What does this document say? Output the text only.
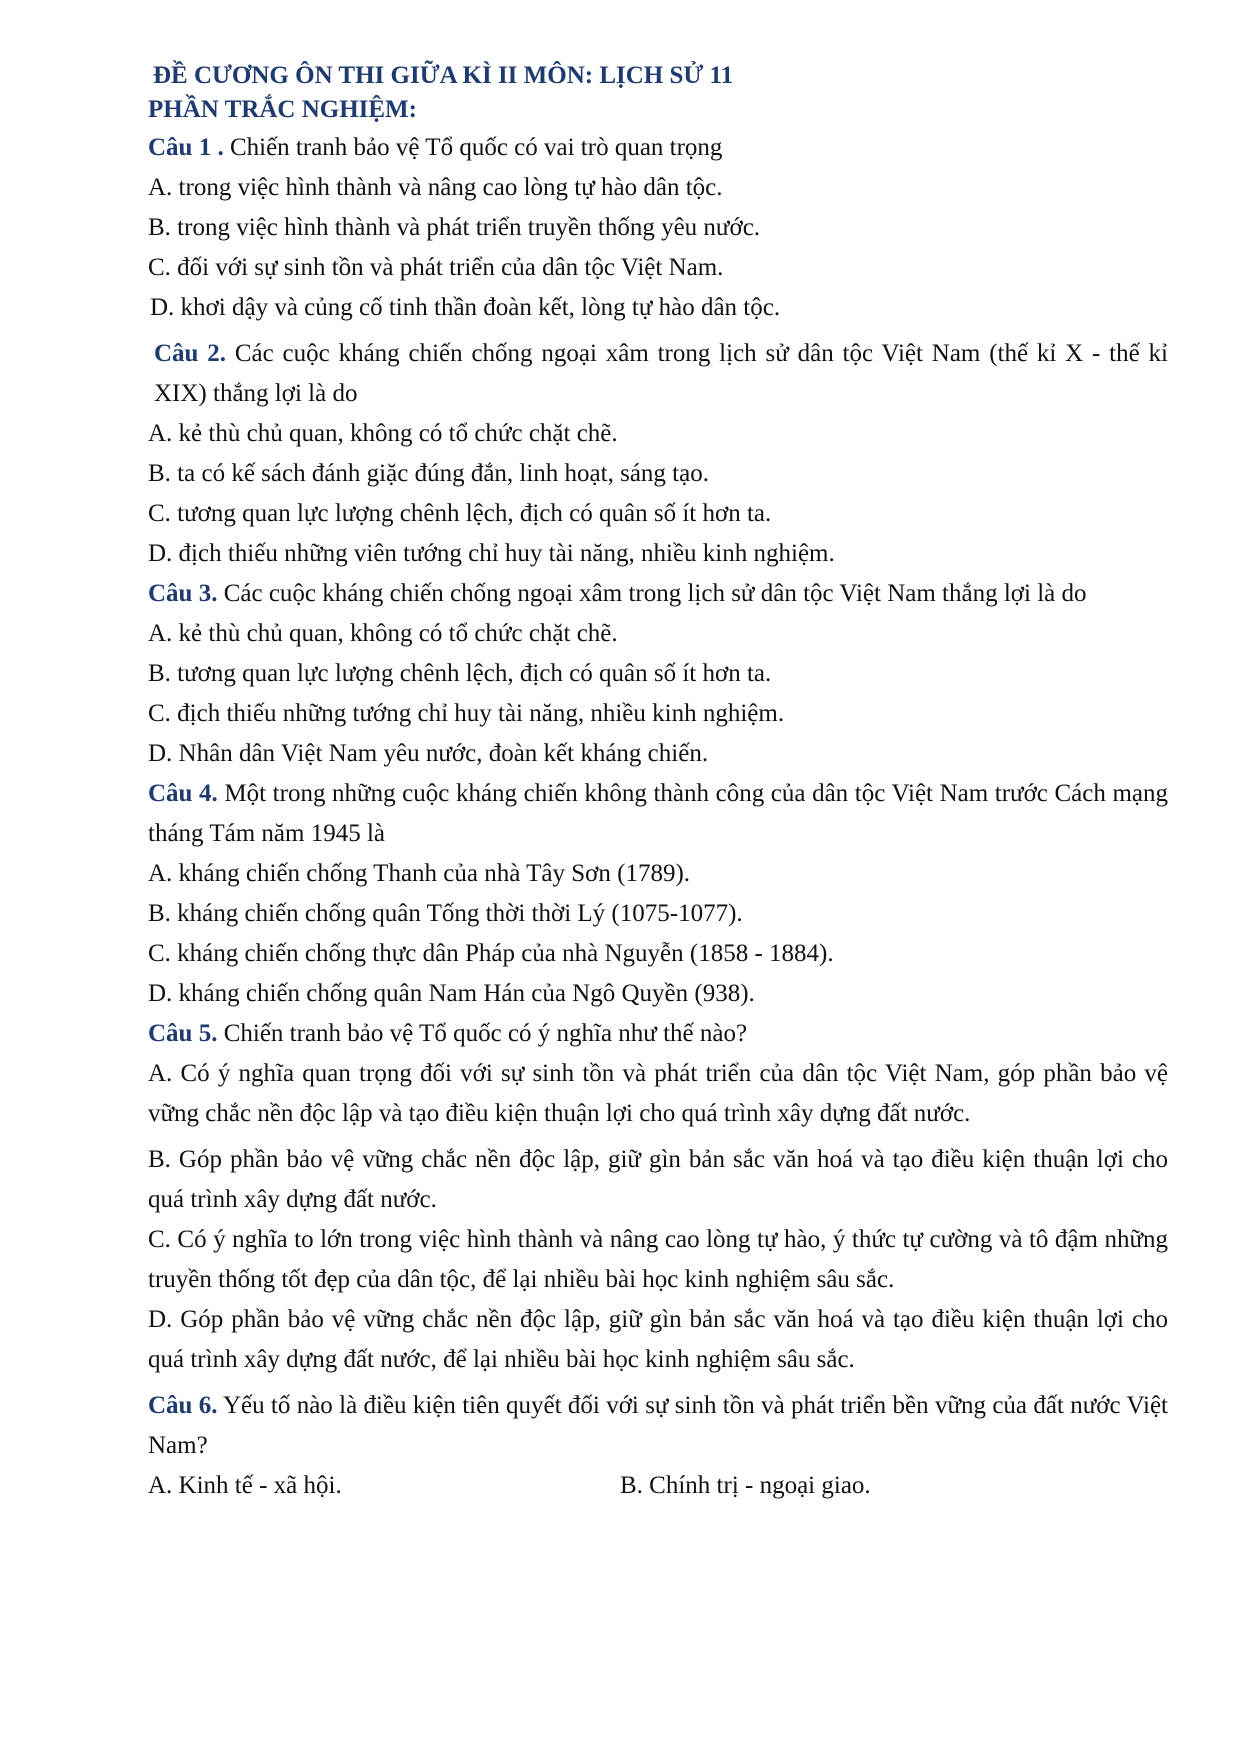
ĐỀ CƯƠNG ÔN THI GIỮA KÌ II MÔN: LỊCH SỬ 11
PHẦN TRẮC NGHIỆM:

Câu 1 . Chiến tranh bảo vệ Tổ quốc có vai trò quan trọng

A. trong việc hình thành và nâng cao lòng tự hào dân tộc.

B. trong việc hình thành và phát triển truyền thống yêu nước.

C. đối với sự sinh tồn và phát triển của dân tộc Việt Nam.

D. khơi dậy và củng cố tinh thần đoàn kết, lòng tự hào dân tộc.

Câu 2. Các cuộc kháng chiến chống ngoại xâm trong lịch sử dân tộc Việt Nam (thế kỉ X - thế kỉ XIX) thắng lợi là do

A. kẻ thù chủ quan, không có tổ chức chặt chẽ.

B. ta có kế sách đánh giặc đúng đắn, linh hoạt, sáng tạo.

C. tương quan lực lượng chênh lệch, địch có quân số ít hơn ta.

D. địch thiếu những viên tướng chỉ huy tài năng, nhiều kinh nghiệm.

Câu 3. Các cuộc kháng chiến chống ngoại xâm trong lịch sử dân tộc Việt Nam thắng lợi là do

A. kẻ thù chủ quan, không có tổ chức chặt chẽ.

B. tương quan lực lượng chênh lệch, địch có quân số ít hơn ta.

C. địch thiếu những tướng chỉ huy tài năng, nhiều kinh nghiệm.

D. Nhân dân Việt Nam yêu nước, đoàn kết kháng chiến.

Câu 4. Một trong những cuộc kháng chiến không thành công của dân tộc Việt Nam trước Cách mạng tháng Tám năm 1945 là

A. kháng chiến chống Thanh của nhà Tây Sơn (1789).

B. kháng chiến chống quân Tống thời thời Lý (1075-1077).

C. kháng chiến chống thực dân Pháp của nhà Nguyễn (1858 - 1884).

D. kháng chiến chống quân Nam Hán của Ngô Quyền (938).

Câu 5. Chiến tranh bảo vệ Tổ quốc có ý nghĩa như thế nào?

A. Có ý nghĩa quan trọng đối với sự sinh tồn và phát triển của dân tộc Việt Nam, góp phần bảo vệ vững chắc nền độc lập và tạo điều kiện thuận lợi cho quá trình xây dựng đất nước.

B. Góp phần bảo vệ vững chắc nền độc lập, giữ gìn bản sắc văn hoá và tạo điều kiện thuận lợi cho quá trình xây dựng đất nước.

C. Có ý nghĩa to lớn trong việc hình thành và nâng cao lòng tự hào, ý thức tự cường và tô đậm những truyền thống tốt đẹp của dân tộc, để lại nhiều bài học kinh nghiệm sâu sắc.

D. Góp phần bảo vệ vững chắc nền độc lập, giữ gìn bản sắc văn hoá và tạo điều kiện thuận lợi cho quá trình xây dựng đất nước, để lại nhiều bài học kinh nghiệm sâu sắc.

Câu 6. Yếu tố nào là điều kiện tiên quyết đối với sự sinh tồn và phát triển bền vững của đất nước Việt Nam?

A. Kinh tế - xã hội.	B. Chính trị - ngoại giao.
